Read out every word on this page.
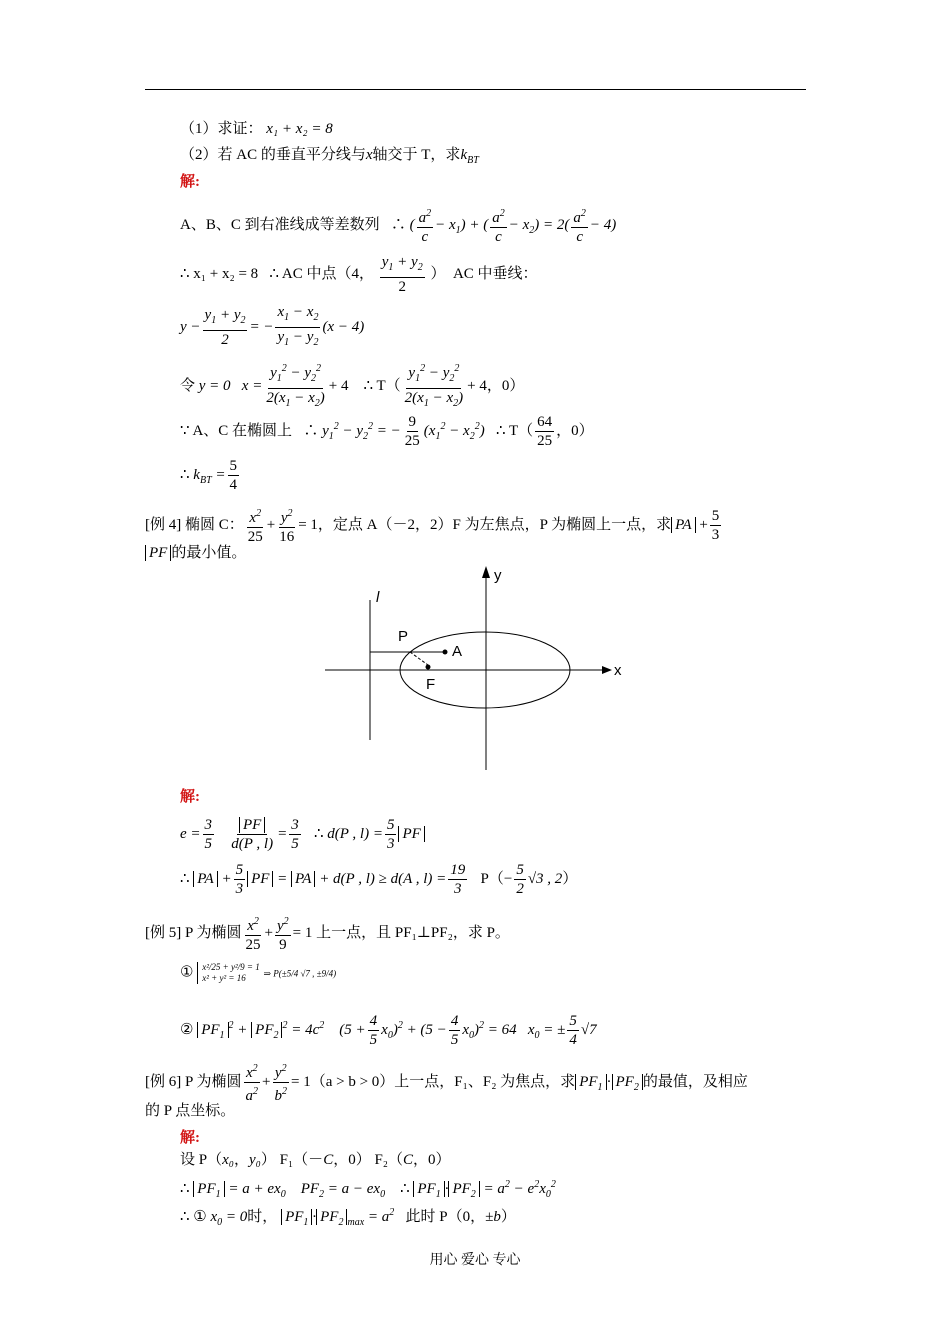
（1）求证： x₁ + x₂ = 8
（2）若 AC 的垂直平分线与x轴交于 T，求$k_{BT}$
解:
A、B、C 到右准线成等差数列 ∴ ( $\frac{a^2}{c} - x_1$) + ( $\frac{a^2}{c} - x_2) = 2( \frac{a^2}{c} - 4)$
∴ x₁ + x₂ = 8 ∴ AC 中点（4， $\frac{y_1 + y_2}{2}$ ） AC 中垂线：
$y - \frac{y_1 + y_2}{2}$ = − $\frac{x_1 - x_2}{y_1 - y_2} (x - 4)$
令 y = 0   $x = \frac{y_1^2 - y_2^2}{2(x_1 - x_2)} + 4$ ∴ $T( \frac{y_1^2 - y_2^2}{2(x_1 - x_2)} + 4$，0）
∵ A、C 在椭圆上 ∴ $y_1^2 - y_2^2$ = − $\frac{9}{25} (x_1^2 - x_2^2)$ ∴ $T( \frac{64}{25}$ ，0）
∴ $k_{BT} = \frac{5}{4}$
[例 4] 椭圆 C： $\frac{x^2}{25} + \frac{y^2}{16} = 1$，定点 A（－2，2）F 为左焦点，P 为椭圆上一点，求 PA + $\frac{5}{3}$
PF 的最小值。
y
x
l
P
A
F
解:
$e = \frac{3}{5}$
$\frac{PF}{d(P , l)} = \frac{3}{5}$ ∴ d(P , $l) = \frac{5}{3}$ PF
∴ PA + $\frac{5}{3}$ PF = PA + d(P , l) ≥ d(A , $l) = \frac{19}{3} P(- \frac{5}{2} √3$ , 2）
[例 5] P 为椭圆 $\frac{x^2}{25} + \frac{y^2}{9} = 1$ 上一点，且 PF₁⊥PF₂，求 P。
① x²/25 + y²/9 = 1
x² + y² = 16 ⇒ P(±5/4 √7 , ±9/4)
② $PF_1^2 + PF_2^2 = 4c^2$    $(5 + \frac{4}{5} x_0)^2 + (5 - \frac{4}{5} x_0)^2 = 64$   $x_0$ = ± $\frac{5}{4} √7$
[例 6] P 为椭圆 $\frac{x^2}{a^2} + \frac{y^2}{b^2} = 1(a > b > 0)$上一点，F₁、F₂ 为焦点，求 $PF_1 \cdot PF_2$ 的最值，及相应
的 P 点坐标。
解:
设 P（x₀，y₀） F₁（－C，0） F₂（C，0）
∴ $PF_1 = a + ex_0$    $PF_2 = a - ex_0$ ∴ $PF_1 \cdot PF_2 = a^2 - e^2x_0^2$
∴ ① $x_0 = 0$时， $PF_1 \cdot PF_2$ $_{max} = a^2$ 此时 P（0，±b）
用心 爱心 专心
